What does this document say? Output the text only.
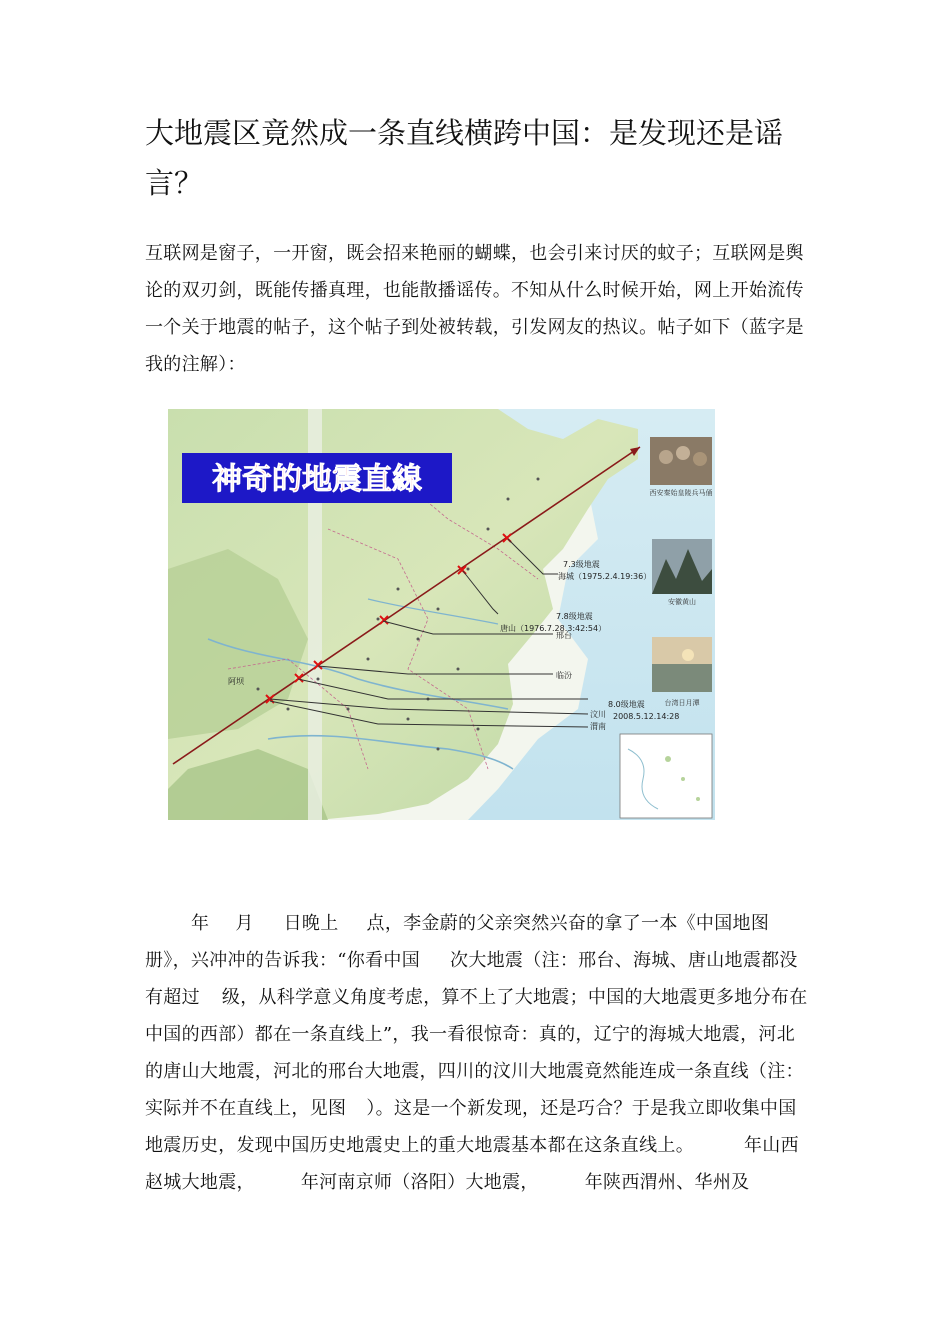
大地震区竟然成一条直线横跨中国：是发现还是谣言？

互联网是窗子，一开窗，既会招来艳丽的蝴蝶，也会引来讨厌的蚊子；互联网是舆论的双刃剑，既能传播真理，也能散播谣传。不知从什么时候开始，网上开始流传一个关于地震的帖子，这个帖子到处被转载，引发网友的热议。帖子如下（蓝字是我的注解）：

神奇的地震直線
7.3级地震
海城（1975.2.4.19:36）
7.8级地震
唐山（1976.7.28.3:42:54）
邢台
临汾
8.0级地震
汶川 2008.5.12.14:28
渭南
阿坝
西安秦始皇陵兵马俑
安徽黄山
台湾日月潭

年 月 日晚上 点，李金蔚的父亲突然兴奋的拿了一本《中国地图册》，兴冲冲的告诉我：“你看中国 次大地震（注：邢台、海城、唐山地震都没有超过 级，从科学意义角度考虑，算不上了大地震；中国的大地震更多地分布在中国的西部）都在一条直线上”，我一看很惊奇：真的，辽宁的海城大地震，河北的唐山大地震，河北的邢台大地震，四川的汶川大地震竟然能连成一条直线（注：实际并不在直线上，见图 ）。这是一个新发现，还是巧合？于是我立即收集中国地震历史，发现中国历史地震史上的重大地震基本都在这条直线上。	年山西赵城大地震，	年河南京师（洛阳）大地震，	年陕西渭州、华州及
